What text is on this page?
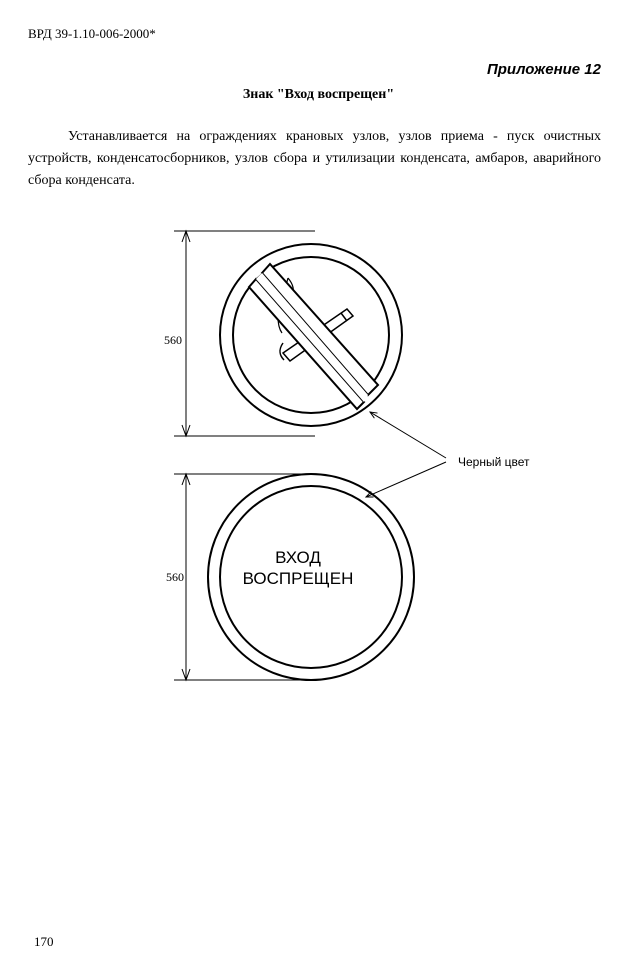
ВРД 39-1.10-006-2000*
Приложение 12
Знак "Вход воспрещен"

Устанавливается на ограждениях крановых узлов, узлов приема - пуск очистных устройств, конденсатосборников, узлов сбора и утилизации конденсата, амбаров, аварийного сбора конденсата.

560
560
Черный цвет
ВХОД
ВОСПРЕЩЕН
170
